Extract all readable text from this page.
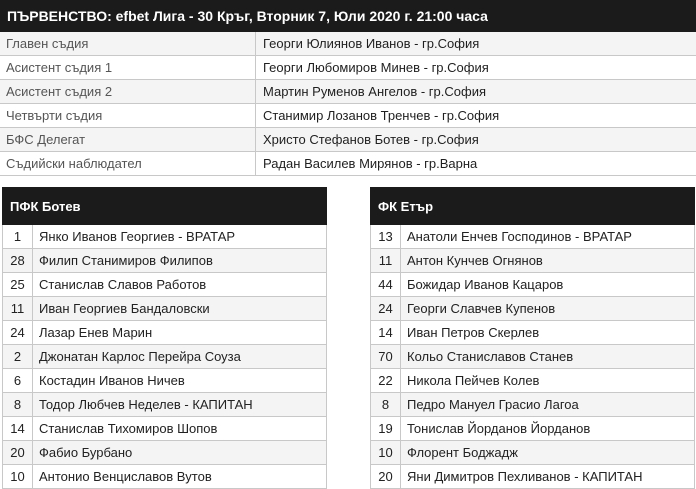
ПЪРВЕНСТВО: efbet Лига - 30 Кръг, Вторник 7, Юли 2020 г. 21:00 часа
Главен съдия	Георги Юлиянов Иванов - гр.София
Асистент съдия 1	Георги Любомиров Минев - гр.София
Асистент съдия 2	Мартин Руменов Ангелов - гр.София
Четвърти съдия	Станимир Лозанов Тренчев - гр.София
БФС Делегат	Христо Стефанов Ботев - гр.София
Съдийски наблюдател	Радан Василев Мирянов - гр.Варна
ПФК Ботев
1	Янко Иванов Георгиев - ВРАТАР
28	Филип Станимиров Филипов
25	Станислав Славов Работов
11	Иван Георгиев Бандаловски
24	Лазар Енев Марин
2	Джонатан Карлос Перейра Соуза
6	Костадин Иванов Ничев
8	Тодор Любчев Неделев - КАПИТАН
14	Станислав Тихомиров Шопов
20	Фабио Бурбано
10	Антонио Венциславов Вутов
ФК Етър
13	Анатоли Енчев Господинов - ВРАТАР
11	Антон Кунчев Огнянов
44	Божидар Иванов Кацаров
24	Георги Славчев Купенов
14	Иван Петров Скерлев
70	Кольо Станиславов Станев
22	Никола Пейчев Колев
8	Педро Мануел Грасио Лагоа
19	Тонислав Йорданов Йорданов
10	Флорент Боджадж
20	Яни Димитров Пехливанов - КАПИТАН
